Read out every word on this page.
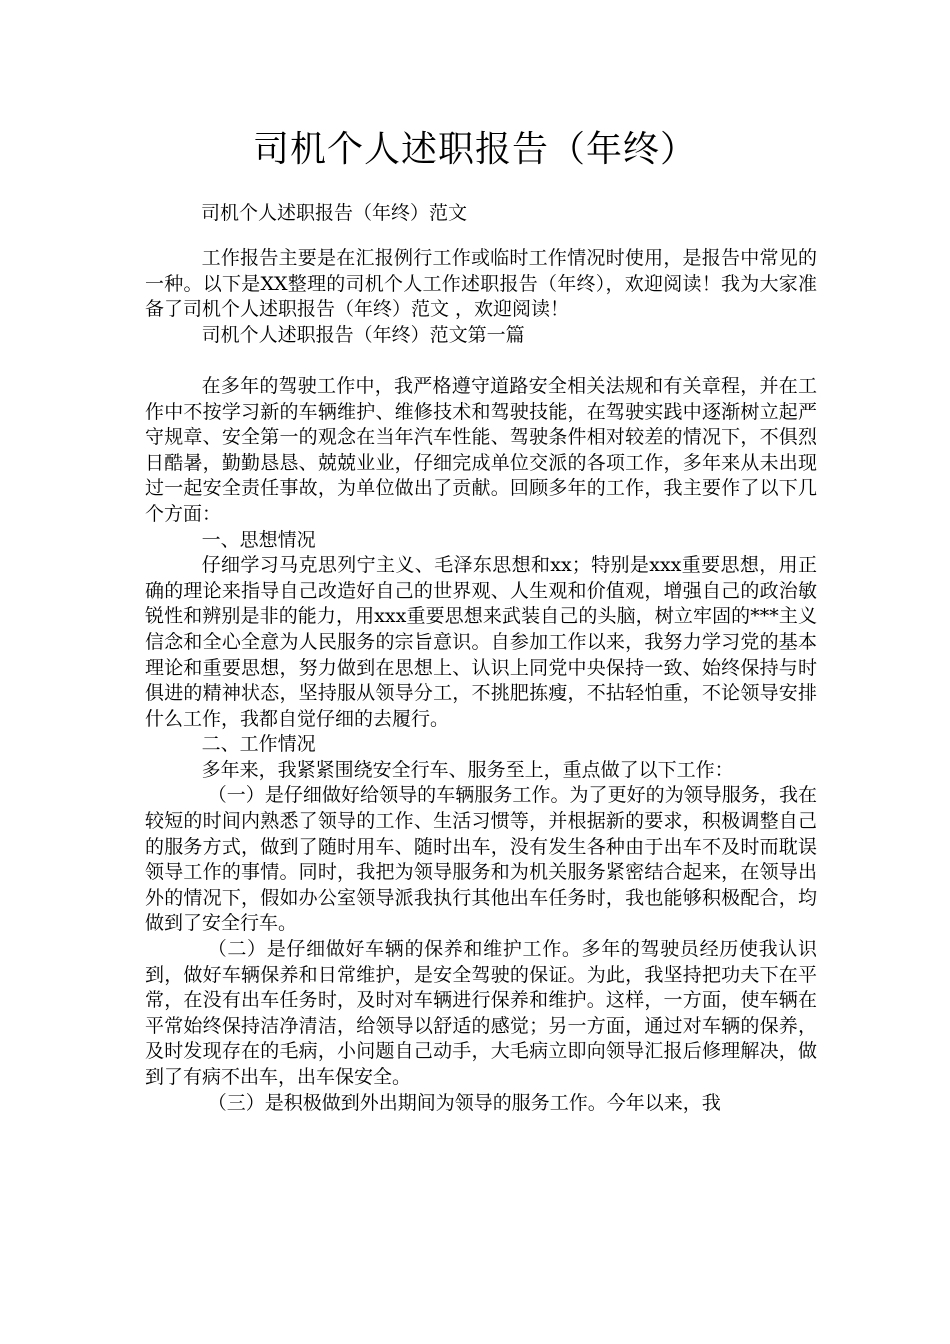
司机个人述职报告（年终）
司机个人述职报告（年终）范文

工作报告主要是在汇报例行工作或临时工作情况时使用，是报告中常见的一种。以下是XX整理的司机个人工作述职报告（年终），欢迎阅读！我为大家准备了司机个人述职报告（年终）范文 ，欢迎阅读！

司机个人述职报告（年终）范文第一篇

在多年的驾驶工作中，我严格遵守道路安全相关法规和有关章程，并在工作中不按学习新的车辆维护、维修技术和驾驶技能，在驾驶实践中逐渐树立起严守规章、安全第一的观念在当年汽车性能、驾驶条件相对较差的情况下，不俱烈日酷暑，勤勤恳恳、兢兢业业，仔细完成单位交派的各项工作，多年来从未出现过一起安全责任事故，为单位做出了贡献。回顾多年的工作，我主要作了以下几个方面：

一、思想情况

仔细学习马克思列宁主义、毛泽东思想和xx；特别是xxx重要思想，用正确的理论来指导自己改造好自己的世界观、人生观和价值观，增强自己的政治敏锐性和辨别是非的能力，用xxx重要思想来武装自己的头脑，树立牢固的***主义信念和全心全意为人民服务的宗旨意识。自参加工作以来，我努力学习党的基本理论和重要思想，努力做到在思想上、认识上同党中央保持一致、始终保持与时俱进的精神状态，坚持服从领导分工，不挑肥拣瘦，不拈轻怕重，不论领导安排什么工作，我都自觉仔细的去履行。

二、工作情况

多年来，我紧紧围绕安全行车、服务至上，重点做了以下工作：

（一）是仔细做好给领导的车辆服务工作。为了更好的为领导服务，我在较短的时间内熟悉了领导的工作、生活习惯等，并根据新的要求，积极调整自己的服务方式，做到了随时用车、随时出车，没有发生各种由于出车不及时而耽误领导工作的事情。同时，我把为领导服务和为机关服务紧密结合起来，在领导出外的情况下，假如办公室领导派我执行其他出车任务时，我也能够积极配合，均做到了安全行车。

（二）是仔细做好车辆的保养和维护工作。多年的驾驶员经历使我认识到，做好车辆保养和日常维护，是安全驾驶的保证。为此，我坚持把功夫下在平常，在没有出车任务时，及时对车辆进行保养和维护。这样，一方面，使车辆在平常始终保持洁净清洁，给领导以舒适的感觉；另一方面，通过对车辆的保养，及时发现存在的毛病，小问题自己动手，大毛病立即向领导汇报后修理解决，做到了有病不出车，出车保安全。

（三）是积极做到外出期间为领导的服务工作。今年以来，我
